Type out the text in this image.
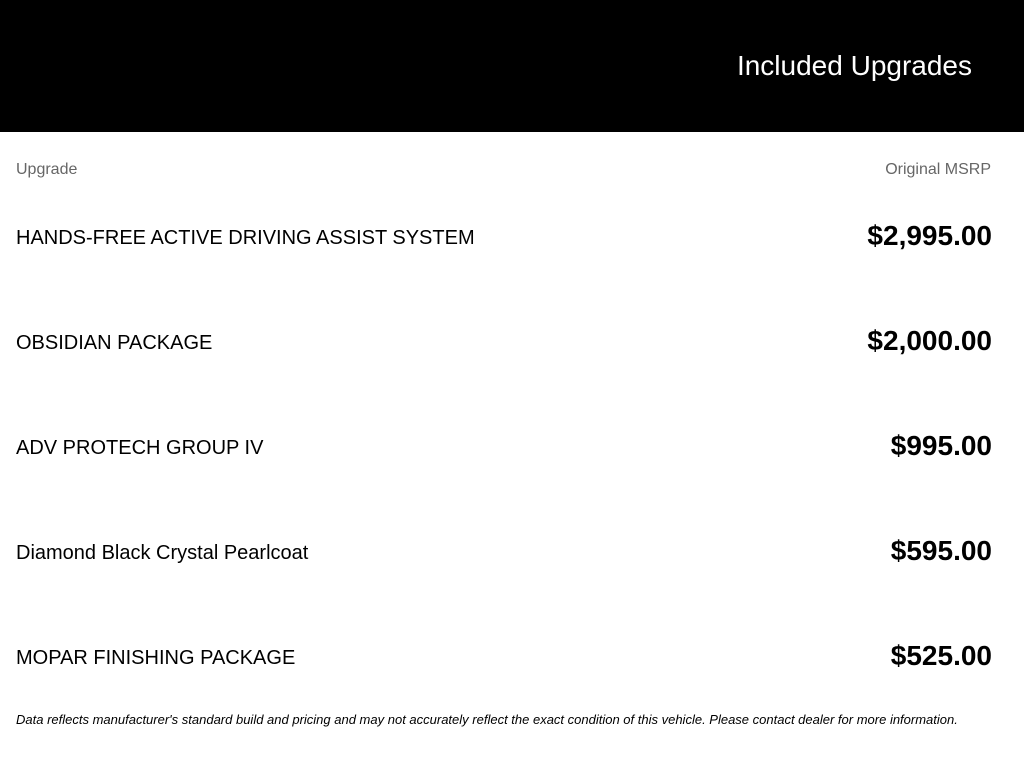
Included Upgrades
Upgrade	Original MSRP
HANDS-FREE ACTIVE DRIVING ASSIST SYSTEM	$2,995.00
OBSIDIAN PACKAGE	$2,000.00
ADV PROTECH GROUP IV	$995.00
Diamond Black Crystal Pearlcoat	$595.00
MOPAR FINISHING PACKAGE	$525.00
Data reflects manufacturer's standard build and pricing and may not accurately reflect the exact condition of this vehicle. Please contact dealer for more information.
